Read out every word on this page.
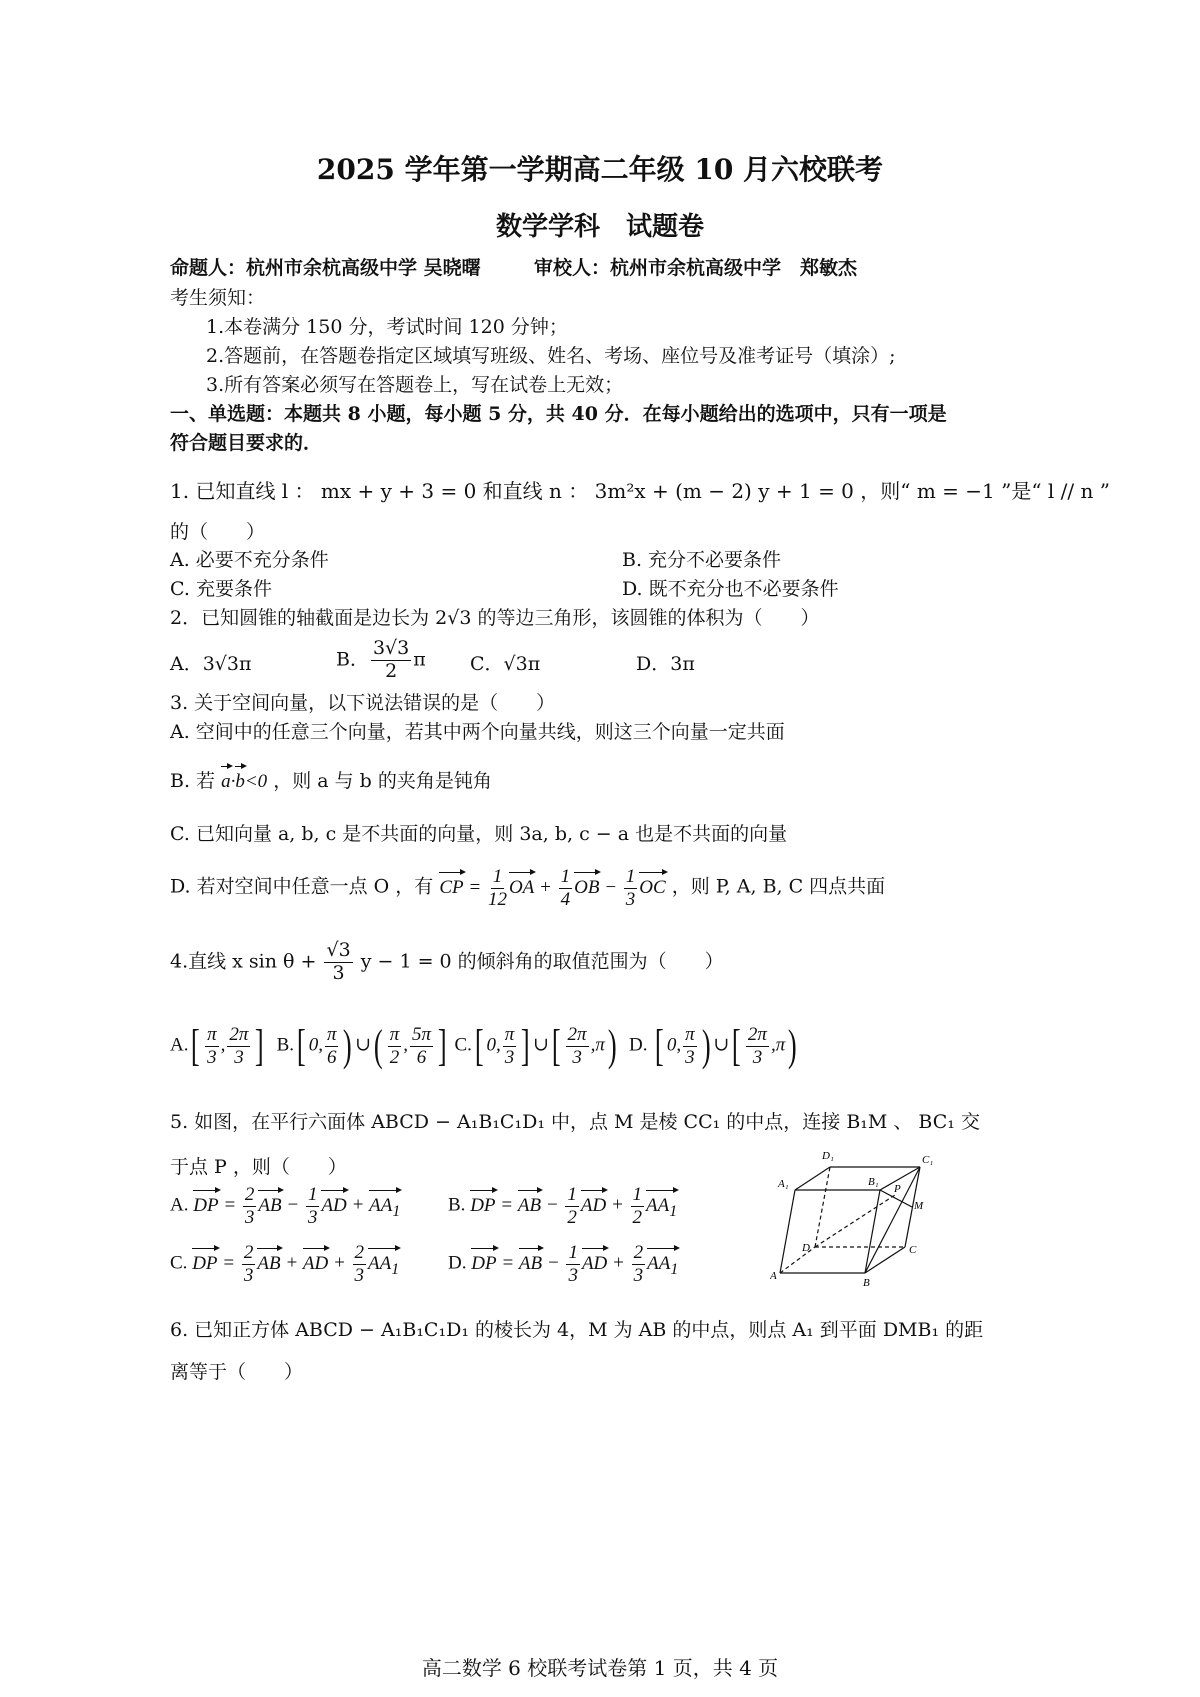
2025 学年第一学期高二年级 10 月六校联考
数学学科　试题卷
命题人：杭州市余杭高级中学 吴晓曙	审校人：杭州市余杭高级中学　郑敏杰
考生须知：
1.本卷满分 150 分，考试时间 120 分钟；
2.答题前，在答题卷指定区域填写班级、姓名、考场、座位号及准考证号（填涂）;
3.所有答案必须写在答题卷上，写在试卷上无效；
一、单选题：本题共 8 小题，每小题 5 分，共 40 分．在每小题给出的选项中，只有一项是
符合题目要求的．
1. 已知直线 l ： mx + y + 3 = 0 和直线 n ： 3m²x + (m − 2) y + 1 = 0 ，则“ m = −1 ”是“ l // n ”
的（　　）
A. 必要不充分条件	B. 充分不必要条件
C. 充要条件	D. 既不充分也不必要条件
2．已知圆锥的轴截面是边长为 2√3 的等边三角形，该圆锥的体积为（　　）
A．3√3π	B． $\frac{3√3}{2}$ π C．√3π	D．3π
3. 关于空间向量，以下说法错误的是（　　）
A. 空间中的任意三个向量，若其中两个向量共线，则这三个向量一定共面
B. 若 a·b<0 ，则 a 与 b 的夹角是钝角
C. 已知向量 a, b, c 是不共面的向量，则 3a, b, c − a 也是不共面的向量
D. 若对空间中任意一点 O ，有 CP = $\frac{1}{12}$ OA + $\frac{1}{4}$ OB − $\frac{1}{3}$ OC ，则 P, A, B, C 四点共面
4.直线 x $\sin \theta + \frac{√3}{3}$ y − 1 = 0 的倾斜角的取值范围为（　　）
$A.[ \frac{\pi}{3}$ , $\frac{2\pi}{3}$ ] B.[ 0, $\frac{\pi}{6}$ ) ∪( $\frac{\pi}{2}$ , $\frac{5\pi}{6}$ ] C.[ 0, $\frac{\pi}{3}$ ] ∪[ $\frac{2\pi}{3} ,\pi$) D. [ 0, $\frac{\pi}{3}$ ) ∪[ $\frac{2\pi}{3} ,\pi$)
5. 如图，在平行六面体 ABCD − A₁B₁C₁D₁ 中，点 M 是棱 CC₁ 的中点，连接 B₁M 、 BC₁ 交
于点 P ，则（　　）
A. DP = $\frac{2}{3}$ AB − $\frac{1}{3}$ AD + $AA_1$	B. DP = AB − $\frac{1}{2}$ AD + $\frac{1}{2} AA_1$
C. DP = $\frac{2}{3}$ AB + AD + $\frac{2}{3} AA_1$	D. DP = AB − $\frac{1}{3}$ AD + $\frac{2}{3} AA_1$
D₁	C₁
A₁	B₁
P
M
D	C
A
B
6. 已知正方体 ABCD − A₁B₁C₁D₁ 的棱长为 4，M 为 AB 的中点，则点 A₁ 到平面 DMB₁ 的距
离等于（　　）
高二数学 6 校联考试卷第 1 页，共 4 页
